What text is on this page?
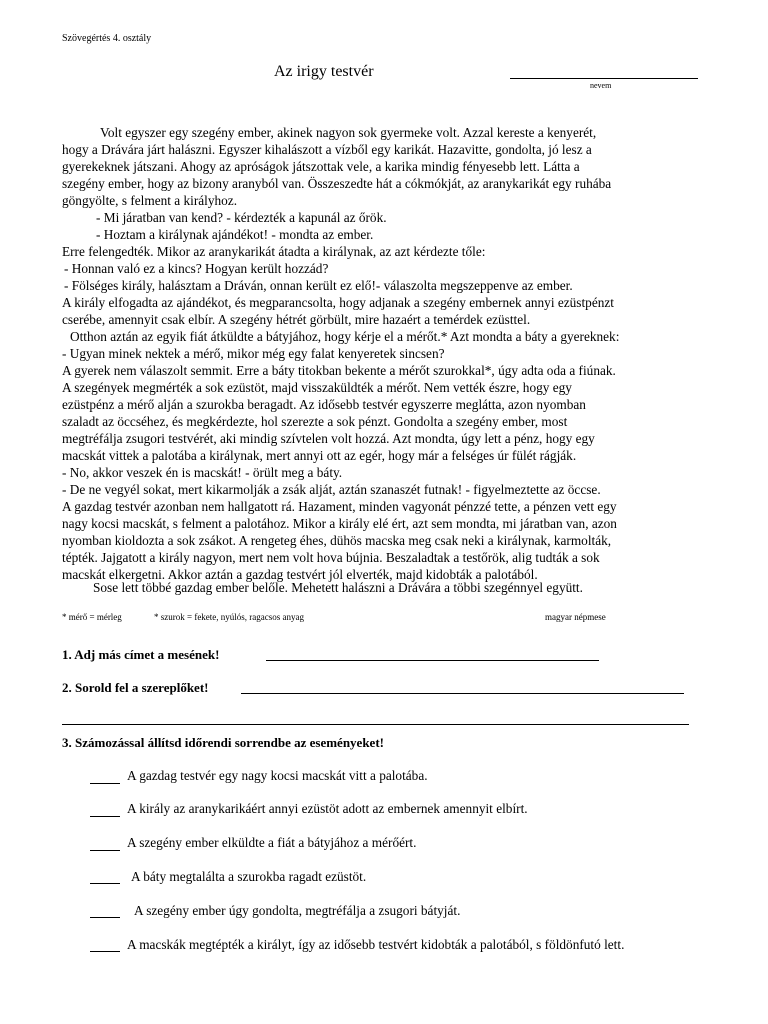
Szövegértés 4. osztály
Az irigy testvér
nevem
Volt egyszer egy szegény ember, akinek nagyon sok gyermeke volt. Azzal kereste a kenyerét,
hogy a Drávára járt halászni. Egyszer kihalászott a vízből egy karikát. Hazavitte, gondolta, jó lesz a
gyerekeknek játszani. Ahogy az apróságok játszottak vele, a karika mindig fényesebb lett. Látta a
szegény ember, hogy az bizony aranyból van. Összeszedte hát a cókmókját, az aranykarikát egy ruhába
göngyölte, s felment a királyhoz.
- Mi járatban van kend? - kérdezték a kapunál az őrök.
- Hoztam a királynak ajándékot! - mondta az ember.
Erre felengedték. Mikor az aranykarikát átadta a királynak, az azt kérdezte tőle:
- Honnan való ez a kincs? Hogyan került hozzád?
- Fölséges király, halásztam a Dráván, onnan került ez elő!- válaszolta megszeppenve az ember.
A király elfogadta az ajándékot, és megparancsolta, hogy adjanak a szegény embernek annyi ezüstpénzt
cserébe, amennyit csak elbír. A szegény hétrét görbült, mire hazaért a temérdek ezüsttel.
Otthon aztán az egyik fiát átküldte a bátyjához, hogy kérje el a mérőt.* Azt mondta a báty a gyereknek:
- Ugyan minek nektek a mérő, mikor még egy falat kenyeretek sincsen?
A gyerek nem válaszolt semmit. Erre a báty titokban bekente a mérőt szurokkal*, úgy adta oda a fiúnak.
A szegények megmérték a sok ezüstöt, majd visszaküldték a mérőt. Nem vették észre, hogy egy
ezüstpénz a mérő alján a szurokba beragadt. Az idősebb testvér egyszerre meglátta, azon nyomban
szaladt az öccséhez, és megkérdezte, hol szerezte a sok pénzt. Gondolta a szegény ember, most
megtréfálja zsugori testvérét, aki mindig szívtelen volt hozzá. Azt mondta, úgy lett a pénz, hogy egy
macskát vittek a palotába a királynak, mert annyi ott az egér, hogy már a felséges úr fülét rágják.
- No, akkor veszek én is macskát! - örült meg a báty.
- De ne vegyél sokat, mert kikarmolják a zsák alját, aztán szanaszét futnak! - figyelmeztette az öccse.
A gazdag testvér azonban nem hallgatott rá. Hazament, minden vagyonát pénzzé tette, a pénzen vett egy
nagy kocsi macskát, s felment a palotához. Mikor a király elé ért, azt sem mondta, mi járatban van, azon
nyomban kioldozta a sok zsákot. A rengeteg éhes, dühös macska meg csak neki a királynak, karmolták,
tépték. Jajgatott a király nagyon, mert nem volt hova bújnia. Beszaladtak a testőrök, alig tudták a sok
macskát elkergetni. Akkor aztán a gazdag testvért jól elverték, majd kidobták a palotából.
Sose lett többé gazdag ember belőle. Mehetett halászni a Drávára a többi szegénnyel együtt.
* mérő = mérleg	* szurok = fekete, nyúlós, ragacsos anyag	magyar népmese
1. Adj más címet a mesének!
2. Sorold fel a szereplőket!
3. Számozással állítsd időrendi sorrendbe az eseményeket!
A gazdag testvér egy nagy kocsi macskát vitt a palotába.
A király az aranykarikáért annyi ezüstöt adott az embernek amennyit elbírt.
A szegény ember elküldte a fiát a bátyjához a mérőért.
A báty megtalálta a szurokba ragadt ezüstöt.
A szegény ember úgy gondolta, megtréfálja a zsugori bátyját.
A macskák megtépték a királyt, így az idősebb testvért kidobták a palotából, s földönfutó lett.
